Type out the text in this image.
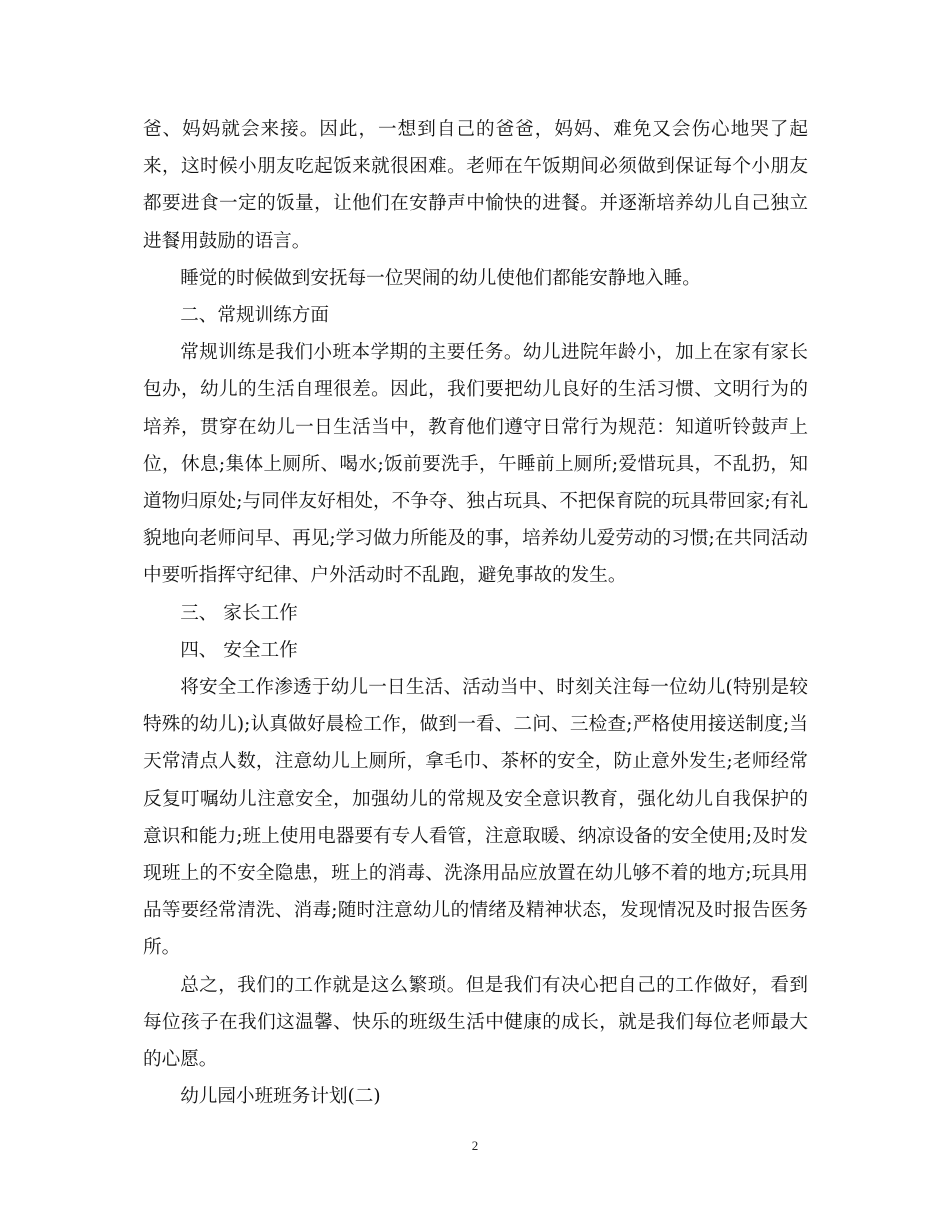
爸、妈妈就会来接。因此，一想到自己的爸爸，妈妈、难免又会伤心地哭了起来，这时候小朋友吃起饭来就很困难。老师在午饭期间必须做到保证每个小朋友都要进食一定的饭量，让他们在安静声中愉快的进餐。并逐渐培养幼儿自己独立进餐用鼓励的语言。

睡觉的时候做到安抚每一位哭闹的幼儿使他们都能安静地入睡。

二、常规训练方面

常规训练是我们小班本学期的主要任务。幼儿进院年龄小，加上在家有家长包办，幼儿的生活自理很差。因此，我们要把幼儿良好的生活习惯、文明行为的培养，贯穿在幼儿一日生活当中，教育他们遵守日常行为规范：知道听铃鼓声上位，休息;集体上厕所、喝水;饭前要洗手，午睡前上厕所;爱惜玩具，不乱扔，知道物归原处;与同伴友好相处，不争夺、独占玩具、不把保育院的玩具带回家;有礼貌地向老师问早、再见;学习做力所能及的事，培养幼儿爱劳动的习惯;在共同活动中要听指挥守纪律、户外活动时不乱跑，避免事故的发生。

三、 家长工作

四、 安全工作

将安全工作渗透于幼儿一日生活、活动当中、时刻关注每一位幼儿(特别是较特殊的幼儿);认真做好晨检工作，做到一看、二问、三检查;严格使用接送制度;当天常清点人数，注意幼儿上厕所，拿毛巾、茶杯的安全，防止意外发生;老师经常反复叮嘱幼儿注意安全，加强幼儿的常规及安全意识教育，强化幼儿自我保护的意识和能力;班上使用电器要有专人看管，注意取暖、纳凉设备的安全使用;及时发现班上的不安全隐患，班上的消毒、洗涤用品应放置在幼儿够不着的地方;玩具用品等要经常清洗、消毒;随时注意幼儿的情绪及精神状态，发现情况及时报告医务所。

总之，我们的工作就是这么繁琐。但是我们有决心把自己的工作做好，看到每位孩子在我们这温馨、快乐的班级生活中健康的成长，就是我们每位老师最大的心愿。

幼儿园小班班务计划(二)

2
